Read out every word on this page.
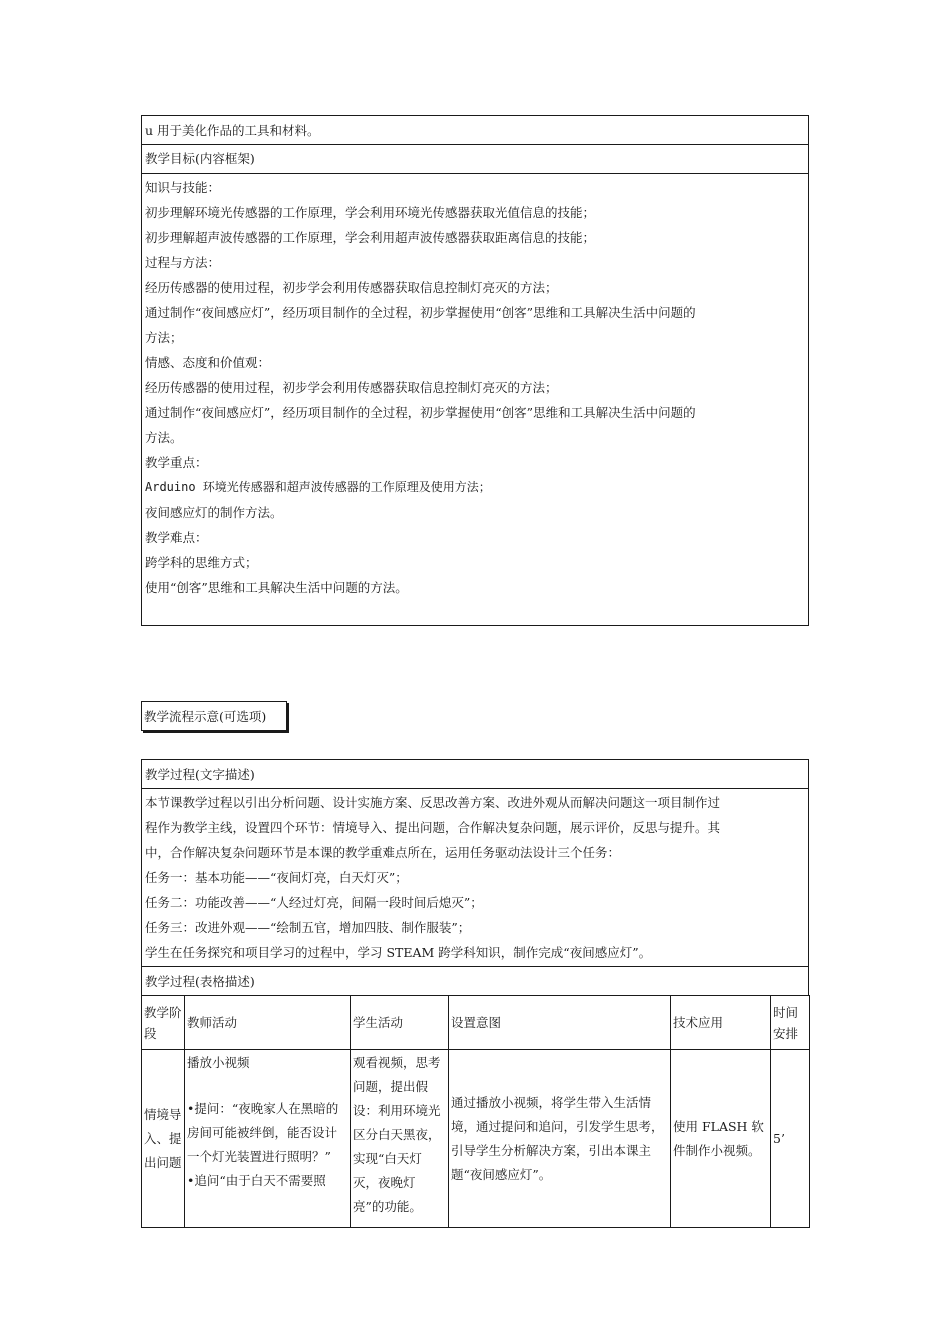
u 用于美化作品的工具和材料。
教学目标(内容框架)
知识与技能：
初步理解环境光传感器的工作原理，学会利用环境光传感器获取光值信息的技能；
初步理解超声波传感器的工作原理，学会利用超声波传感器获取距离信息的技能；
过程与方法：
经历传感器的使用过程，初步学会利用传感器获取信息控制灯亮灭的方法；
通过制作“夜间感应灯”，经历项目制作的全过程，初步掌握使用“创客”思维和工具解决生活中问题的
方法；
情感、态度和价值观：
经历传感器的使用过程，初步学会利用传感器获取信息控制灯亮灭的方法；
通过制作“夜间感应灯”，经历项目制作的全过程，初步掌握使用“创客”思维和工具解决生活中问题的
方法。
教学重点：
Arduino 环境光传感器和超声波传感器的工作原理及使用方法；
夜间感应灯的制作方法。
教学难点：
跨学科的思维方式；
使用“创客”思维和工具解决生活中问题的方法。
教学流程示意(可选项)
教学过程(文字描述)
本节课教学过程以引出分析问题、设计实施方案、反思改善方案、改进外观从而解决问题这一项目制作过
程作为教学主线，设置四个环节：情境导入、提出问题，合作解决复杂问题，展示评价，反思与提升。其
中，合作解决复杂问题环节是本课的教学重难点所在，运用任务驱动法设计三个任务：
任务一：基本功能——“夜间灯亮，白天灯灭”；
任务二：功能改善——“人经过灯亮，间隔一段时间后熄灭”；
任务三：改进外观——“绘制五官，增加四肢、制作服装”；
学生在任务探究和项目学习的过程中，学习 STEAM 跨学科知识，制作完成“夜间感应灯”。
教学过程(表格描述)
教学阶段	教师活动	学生活动	设置意图	技术应用	时间安排
情境导入、提出问题	播放小视频
•提问：“夜晚家人在黑暗的房间可能被绊倒，能否设计一个灯光装置进行照明？”
•追问“由于白天不需要照	观看视频，思考问题，提出假设：利用环境光区分白天黑夜，实现“白天灯灭，夜晚灯亮”的功能。	通过播放小视频，将学生带入生活情境，通过提问和追问，引发学生思考，引导学生分析解决方案，引出本课主题“夜间感应灯”。	使用 FLASH 软件制作小视频。	5’
